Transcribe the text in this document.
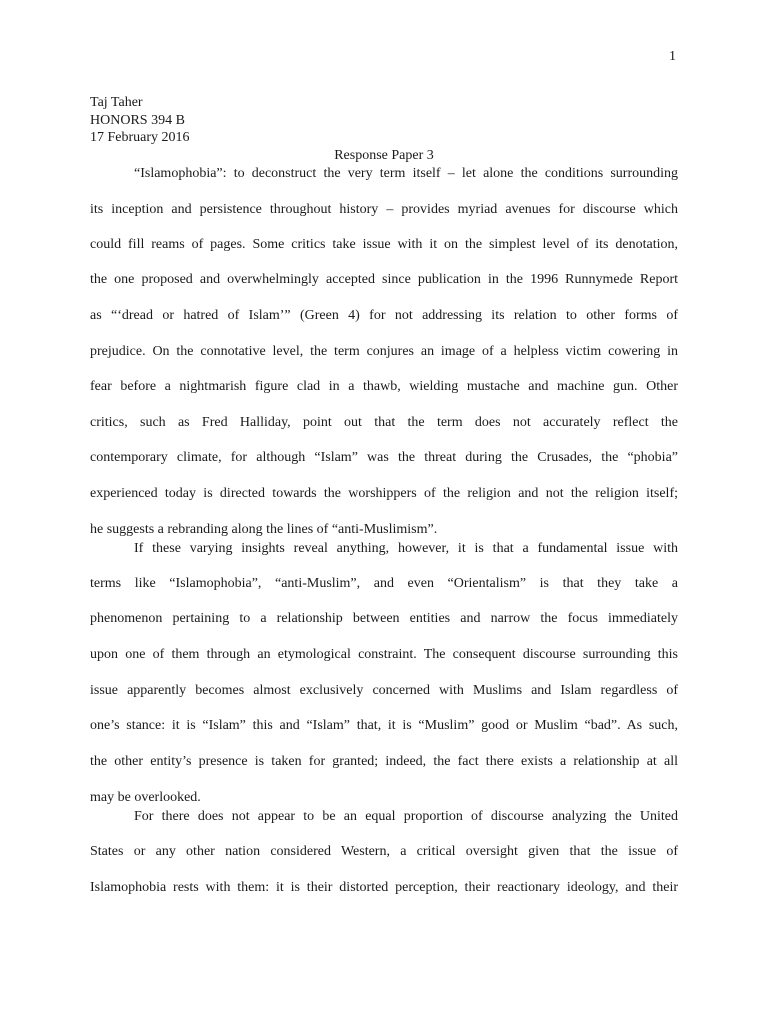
1
Taj Taher
HONORS 394 B
17 February 2016
Response Paper 3
“Islamophobia”: to deconstruct the very term itself – let alone the conditions surrounding
its inception and persistence throughout history – provides myriad avenues for discourse which
could fill reams of pages. Some critics take issue with it on the simplest level of its denotation,
the one proposed and overwhelmingly accepted since publication in the 1996 Runnymede Report
as “‘dread or hatred of Islam’” (Green 4) for not addressing its relation to other forms of
prejudice. On the connotative level, the term conjures an image of a helpless victim cowering in
fear before a nightmarish figure clad in a thawb, wielding mustache and machine gun. Other
critics, such as Fred Halliday, point out that the term does not accurately reflect the
contemporary climate, for although “Islam” was the threat during the Crusades, the “phobia”
experienced today is directed towards the worshippers of the religion and not the religion itself;
he suggests a rebranding along the lines of “anti-Muslimism”.
If these varying insights reveal anything, however, it is that a fundamental issue with
terms like “Islamophobia”, “anti-Muslim”, and even “Orientalism” is that they take a
phenomenon pertaining to a relationship between entities and narrow the focus immediately
upon one of them through an etymological constraint. The consequent discourse surrounding this
issue apparently becomes almost exclusively concerned with Muslims and Islam regardless of
one’s stance: it is “Islam” this and “Islam” that, it is “Muslim” good or Muslim “bad”. As such,
the other entity’s presence is taken for granted; indeed, the fact there exists a relationship at all
may be overlooked.
For there does not appear to be an equal proportion of discourse analyzing the United
States or any other nation considered Western, a critical oversight given that the issue of
Islamophobia rests with them: it is their distorted perception, their reactionary ideology, and their
